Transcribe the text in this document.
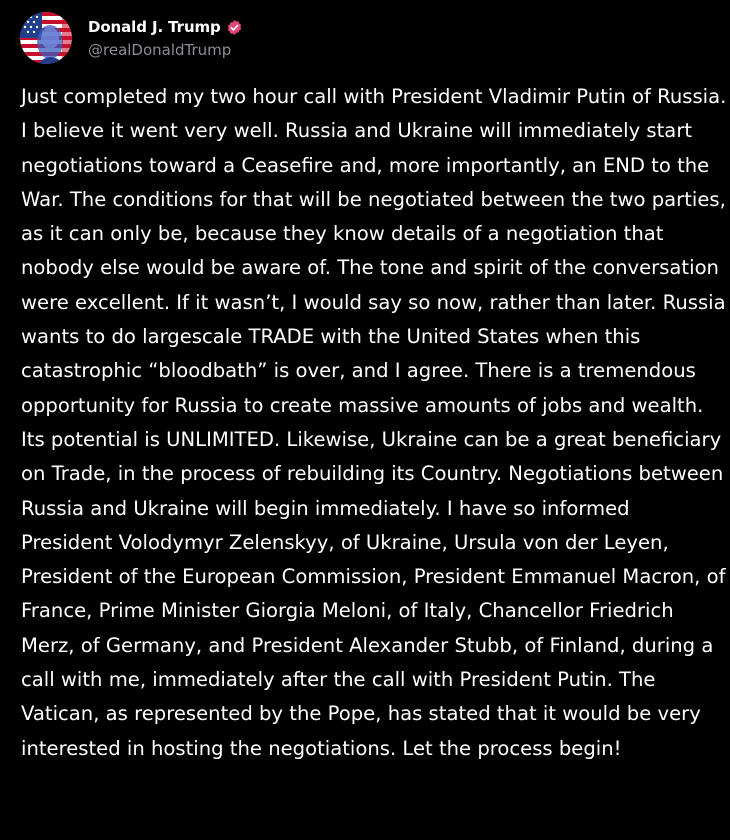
Donald J. Trump
@realDonaldTrump
Just completed my two hour call with President Vladimir Putin of Russia. I believe it went very well. Russia and Ukraine will immediately start negotiations toward a Ceasefire and, more importantly, an END to the War. The conditions for that will be negotiated between the two parties, as it can only be, because they know details of a negotiation that nobody else would be aware of. The tone and spirit of the conversation were excellent. If it wasn’t, I would say so now, rather than later. Russia wants to do largescale TRADE with the United States when this catastrophic “bloodbath” is over, and I agree. There is a tremendous opportunity for Russia to create massive amounts of jobs and wealth. Its potential is UNLIMITED. Likewise, Ukraine can be a great beneficiary on Trade, in the process of rebuilding its Country. Negotiations between Russia and Ukraine will begin immediately. I have so informed President Volodymyr Zelenskyy, of Ukraine, Ursula von der Leyen, President of the European Commission, President Emmanuel Macron, of France, Prime Minister Giorgia Meloni, of Italy, Chancellor Friedrich Merz, of Germany, and President Alexander Stubb, of Finland, during a call with me, immediately after the call with President Putin. The Vatican, as represented by the Pope, has stated that it would be very interested in hosting the negotiations. Let the process begin!
